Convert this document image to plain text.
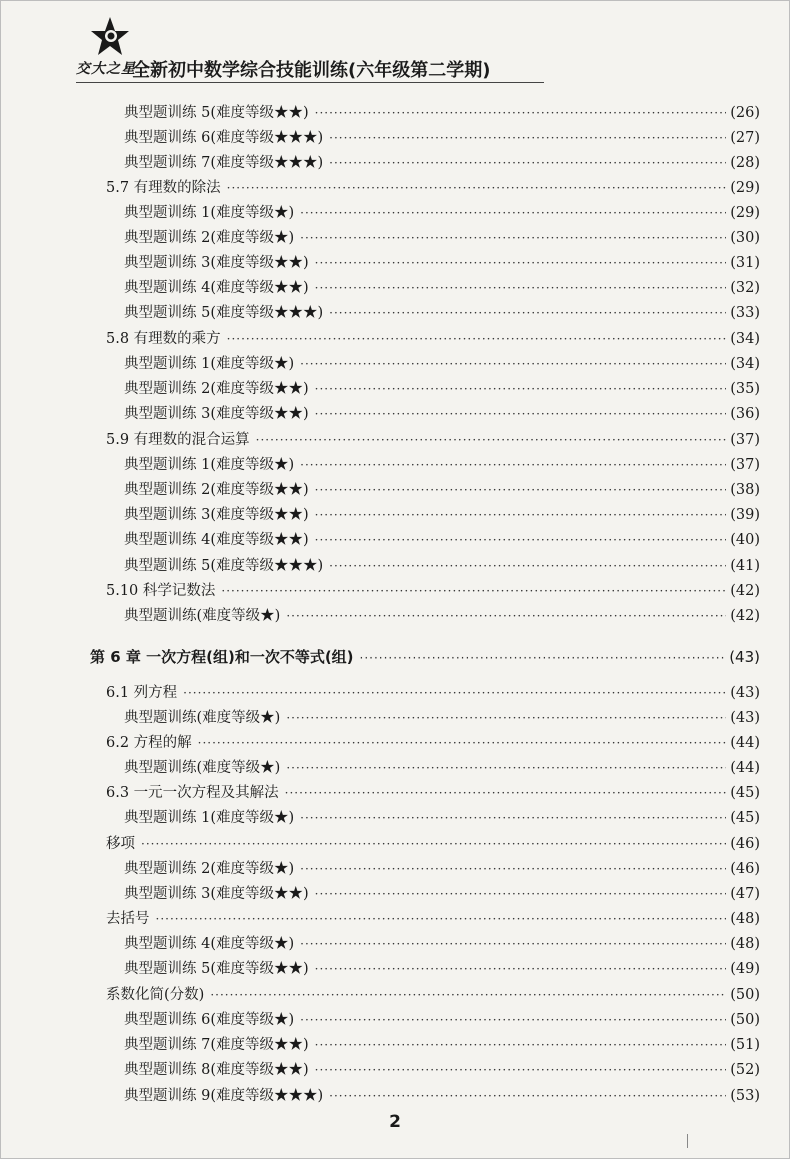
交大之星
全新初中数学综合技能训练(六年级第二学期)
典型题训练 5(难度等级★★) ·····	(26)
典型题训练 6(难度等级★★★) ·····	(27)
典型题训练 7(难度等级★★★) ·····	(28)
5.7 有理数的除法 ·····	(29)
典型题训练 1(难度等级★) ·····	(29)
典型题训练 2(难度等级★) ·····	(30)
典型题训练 3(难度等级★★) ·····	(31)
典型题训练 4(难度等级★★) ·····	(32)
典型题训练 5(难度等级★★★) ·····	(33)
5.8 有理数的乘方 ·····	(34)
典型题训练 1(难度等级★) ·····	(34)
典型题训练 2(难度等级★★) ·····	(35)
典型题训练 3(难度等级★★) ·····	(36)
5.9 有理数的混合运算 ·····	(37)
典型题训练 1(难度等级★) ·····	(37)
典型题训练 2(难度等级★★) ·····	(38)
典型题训练 3(难度等级★★) ·····	(39)
典型题训练 4(难度等级★★) ·····	(40)
典型题训练 5(难度等级★★★) ·····	(41)
5.10 科学记数法 ·····	(42)
典型题训练(难度等级★) ·····	(42)
第 6 章 一次方程(组)和一次不等式(组) ·····	(43)
6.1 列方程 ·····	(43)
典型题训练(难度等级★) ·····	(43)
6.2 方程的解 ·····	(44)
典型题训练(难度等级★) ·····	(44)
6.3 一元一次方程及其解法 ·····	(45)
典型题训练 1(难度等级★) ·····	(45)
移项 ·····	(46)
典型题训练 2(难度等级★) ·····	(46)
典型题训练 3(难度等级★★) ·····	(47)
去括号 ·····	(48)
典型题训练 4(难度等级★) ·····	(48)
典型题训练 5(难度等级★★) ·····	(49)
系数化简(分数) ·····	(50)
典型题训练 6(难度等级★) ·····	(50)
典型题训练 7(难度等级★★) ·····	(51)
典型题训练 8(难度等级★★) ·····	(52)
典型题训练 9(难度等级★★★) ·····	(53)
2
